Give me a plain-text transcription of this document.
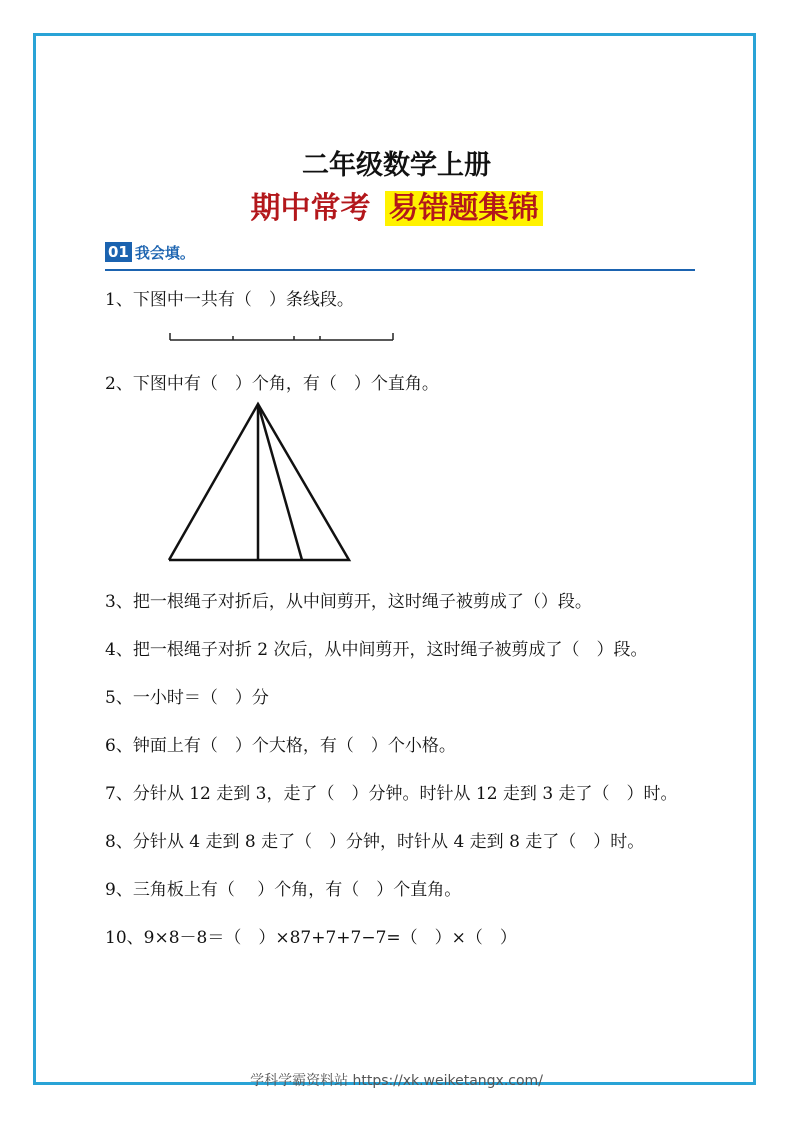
二年级数学上册
期中常考 易错题集锦
01 我会填。
1、下图中一共有（　）条线段。
2、下图中有（　）个角，有（　）个直角。
3、把一根绳子对折后，从中间剪开，这时绳子被剪成了（）段。
4、把一根绳子对折 2 次后，从中间剪开，这时绳子被剪成了（　）段。
5、一小时＝（　）分
6、钟面上有（　）个大格，有（　）个小格。
7、分针从 12 走到 3，走了（　）分钟。时针从 12 走到 3 走了（　）时。
8、分针从 4 走到 8 走了（　）分钟，时针从 4 走到 8 走了（　）时。
9、三角板上有（　 ）个角，有（　）个直角。
10、9×8－8＝（　）×87+7+7−7=（　）×（　）
学科学霸资料站 https://xk.weiketangx.com/
